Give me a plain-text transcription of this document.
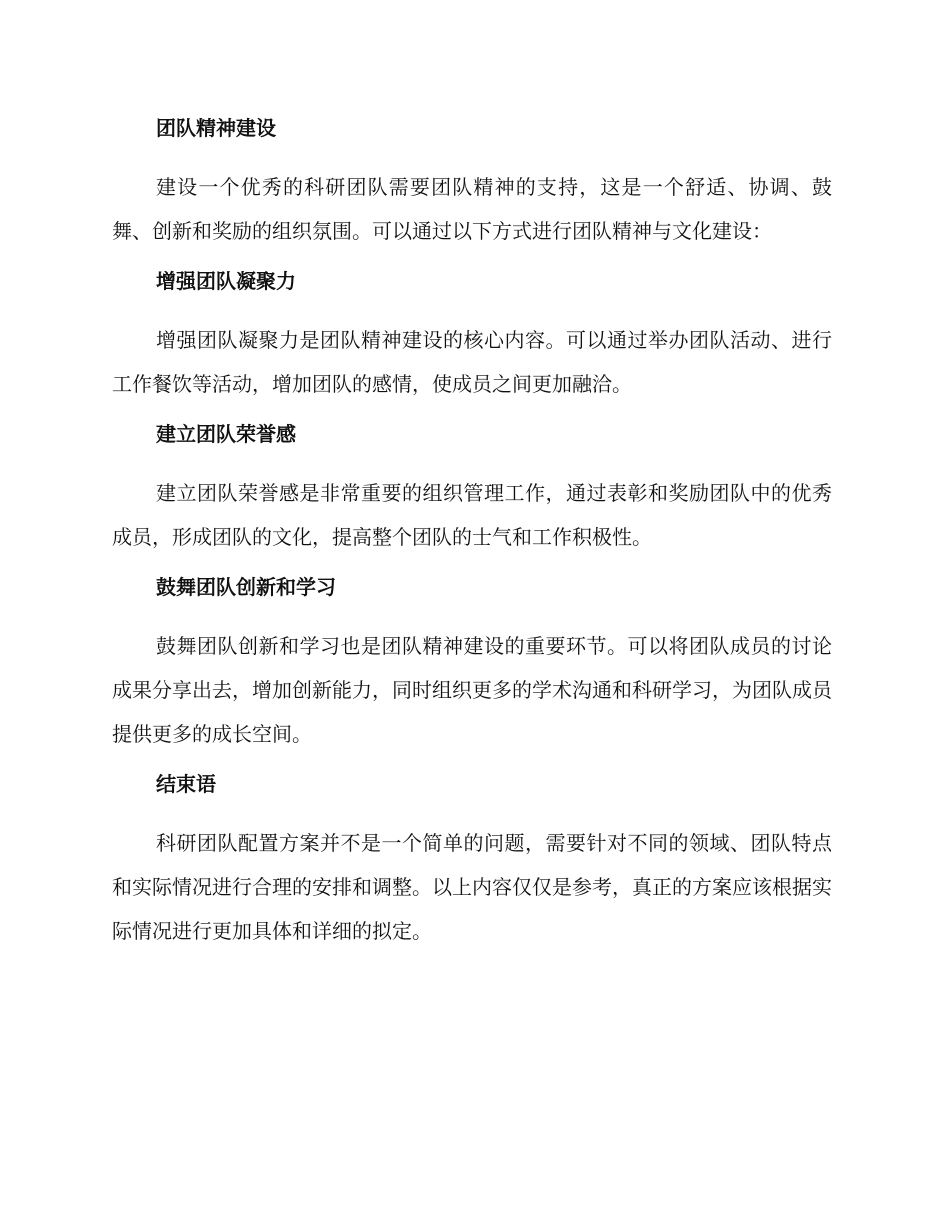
团队精神建设

建设一个优秀的科研团队需要团队精神的支持，这是一个舒适、协调、鼓舞、创新和奖励的组织氛围。可以通过以下方式进行团队精神与文化建设：

增强团队凝聚力

增强团队凝聚力是团队精神建设的核心内容。可以通过举办团队活动、进行工作餐饮等活动，增加团队的感情，使成员之间更加融洽。

建立团队荣誉感

建立团队荣誉感是非常重要的组织管理工作，通过表彰和奖励团队中的优秀成员，形成团队的文化，提高整个团队的士气和工作积极性。

鼓舞团队创新和学习

鼓舞团队创新和学习也是团队精神建设的重要环节。可以将团队成员的讨论成果分享出去，增加创新能力，同时组织更多的学术沟通和科研学习，为团队成员提供更多的成长空间。

结束语

科研团队配置方案并不是一个简单的问题，需要针对不同的领域、团队特点和实际情况进行合理的安排和调整。以上内容仅仅是参考，真正的方案应该根据实际情况进行更加具体和详细的拟定。
